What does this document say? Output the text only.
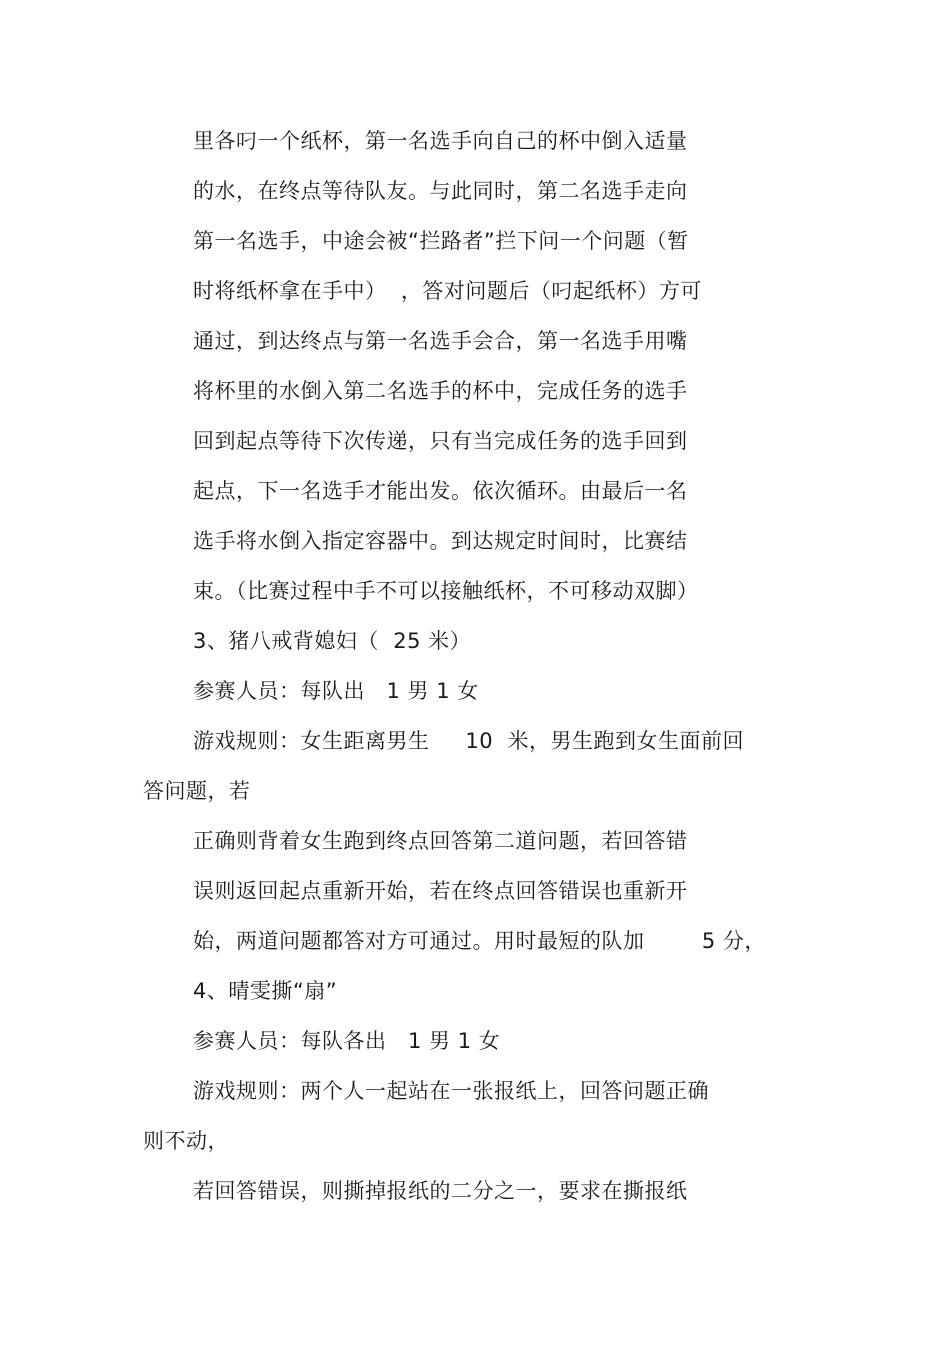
里各叼一个纸杯，第一名选手向自己的杯中倒入适量
的水，在终点等待队友。与此同时，第二名选手走向
第一名选手，中途会被“拦路者”拦下问一个问题（暂
时将纸杯拿在手中）  ，答对问题后（叼起纸杯）方可
通过，到达终点与第一名选手会合，第一名选手用嘴
将杯里的水倒入第二名选手的杯中，完成任务的选手
回到起点等待下次传递，只有当完成任务的选手回到
起点，下一名选手才能出发。依次循环。由最后一名
选手将水倒入指定容器中。到达规定时间时，比赛结
束。（比赛过程中手不可以接触纸杯，不可移动双脚）
3、猪八戒背媳妇（  25 米）
参赛人员：每队出   1 男 1 女
游戏规则：女生距离男生     10  米，男生跑到女生面前回
答问题，若
正确则背着女生跑到终点回答第二道问题，若回答错
误则返回起点重新开始，若在终点回答错误也重新开
始，两道问题都答对方可通过。用时最短的队加        5 分，
4、晴雯撕“扇”
参赛人员：每队各出   1 男 1 女
游戏规则：两个人一起站在一张报纸上，回答问题正确
则不动，
若回答错误，则撕掉报纸的二分之一，要求在撕报纸
